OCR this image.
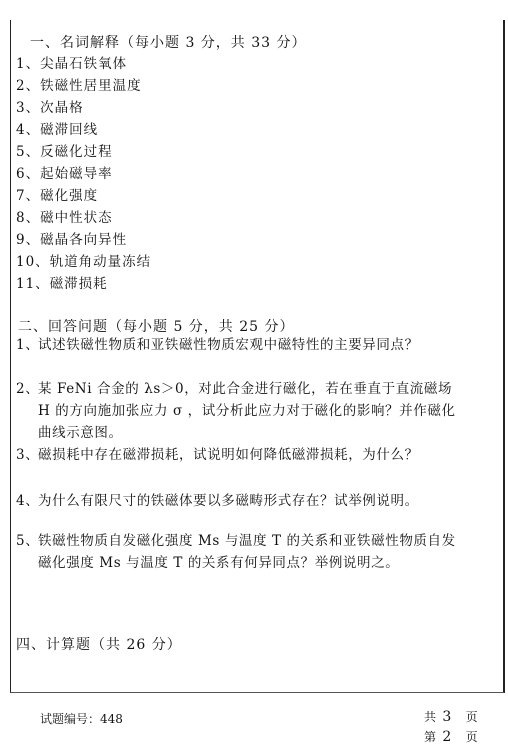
一、名词解释（每小题 3 分，共 33 分）
1、尖晶石铁氧体
2、铁磁性居里温度
3、次晶格
4、磁滞回线
5、反磁化过程
6、起始磁导率
7、磁化强度
8、磁中性状态
9、磁晶各向异性
10、轨道角动量冻结
11、磁滞损耗
二、回答问题（每小题 5 分，共 25 分）
1、
试述铁磁性物质和亚铁磁性物质宏观中磁特性的主要异同点？
2、
某 FeNi 合金的 λs＞0，对此合金进行磁化，若在垂直于直流磁场 H 的方向施加张应力 σ ，试分析此应力对于磁化的影响？并作磁化曲线示意图。
3、
磁损耗中存在磁滞损耗，试说明如何降低磁滞损耗，为什么？
4、
为什么有限尺寸的铁磁体要以多磁畴形式存在？试举例说明。
5、
铁磁性物质自发磁化强度 Ms 与温度 T 的关系和亚铁磁性物质自发磁化强度 Ms 与温度 T 的关系有何异同点？举例说明之。
四、计算题（共 26 分）
试题编号：448	共 3 页
第 2 页
